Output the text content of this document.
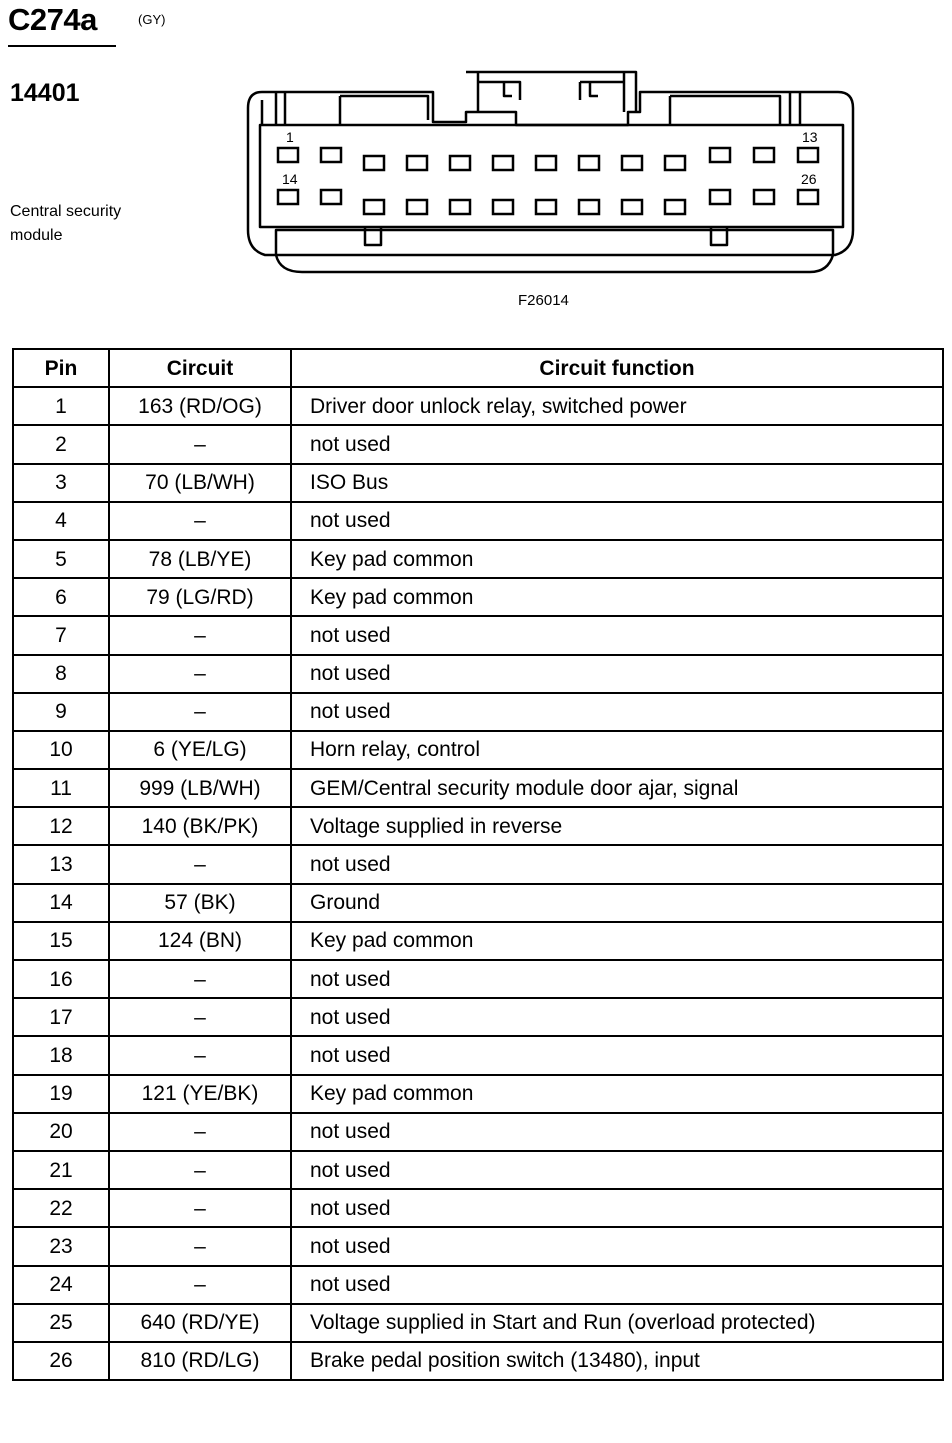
C274a	(GY)
14401
Central security module
1	13
14	26
F26014
Pin	Circuit	Circuit function
1	163 (RD/OG)	Driver door unlock relay, switched power
2	–	not used
3	70 (LB/WH)	ISO Bus
4	–	not used
5	78 (LB/YE)	Key pad common
6	79 (LG/RD)	Key pad common
7	–	not used
8	–	not used
9	–	not used
10	6 (YE/LG)	Horn relay, control
11	999 (LB/WH)	GEM/Central security module door ajar, signal
12	140 (BK/PK)	Voltage supplied in reverse
13	–	not used
14	57 (BK)	Ground
15	124 (BN)	Key pad common
16	–	not used
17	–	not used
18	–	not used
19	121 (YE/BK)	Key pad common
20	–	not used
21	–	not used
22	–	not used
23	–	not used
24	–	not used
25	640 (RD/YE)	Voltage supplied in Start and Run (overload protected)
26	810 (RD/LG)	Brake pedal position switch (13480), input
